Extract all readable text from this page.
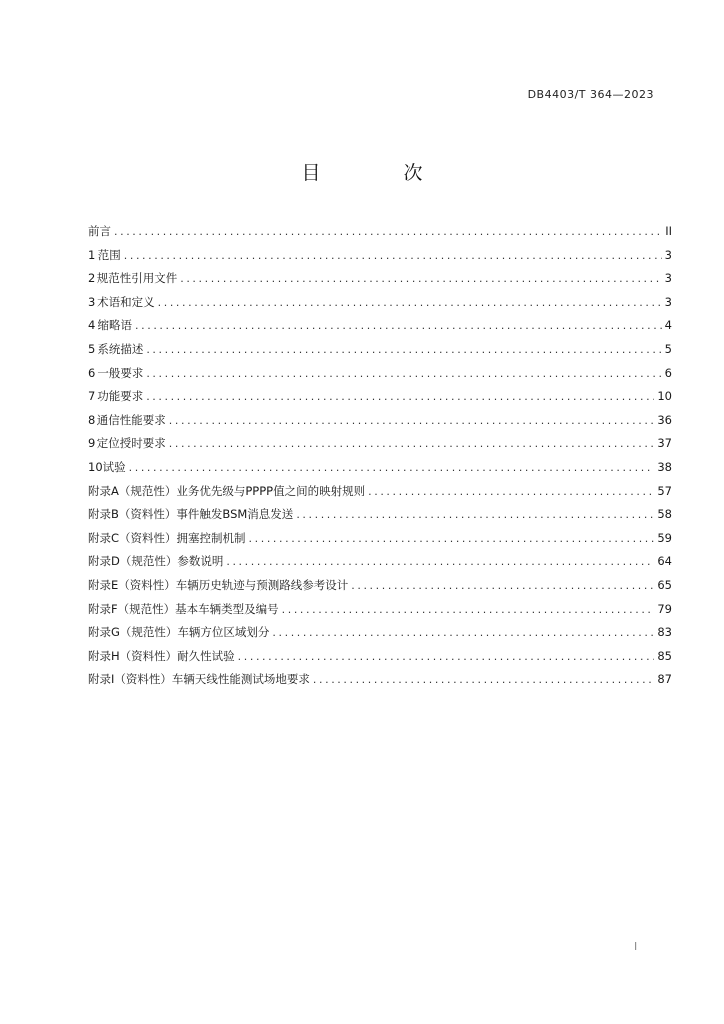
DB4403/T 364—2023
目　次
前言 .....	II
1 范围 .....	3
2 规范性引用文件 .....	3
3 术语和定义 .....	3
4 缩略语 .....	4
5 系统描述 .....	5
6 一般要求 .....	6
7 功能要求 .....	10
8 通信性能要求 .....	36
9 定位授时要求 .....	37
10 试验 .....	38
附录A（规范性） 业务优先级与PPPP值之间的映射规则 .....	57
附录B（资料性） 事件触发BSM消息发送 .....	58
附录C（资料性） 拥塞控制机制 .....	59
附录D（规范性） 参数说明 .....	64
附录E（资料性） 车辆历史轨迹与预测路线参考设计 .....	65
附录F（规范性） 基本车辆类型及编号 .....	79
附录G（规范性） 车辆方位区域划分 .....	83
附录H（资料性） 耐久性试验 .....	85
附录I（资料性） 车辆天线性能测试场地要求 .....	87
I
